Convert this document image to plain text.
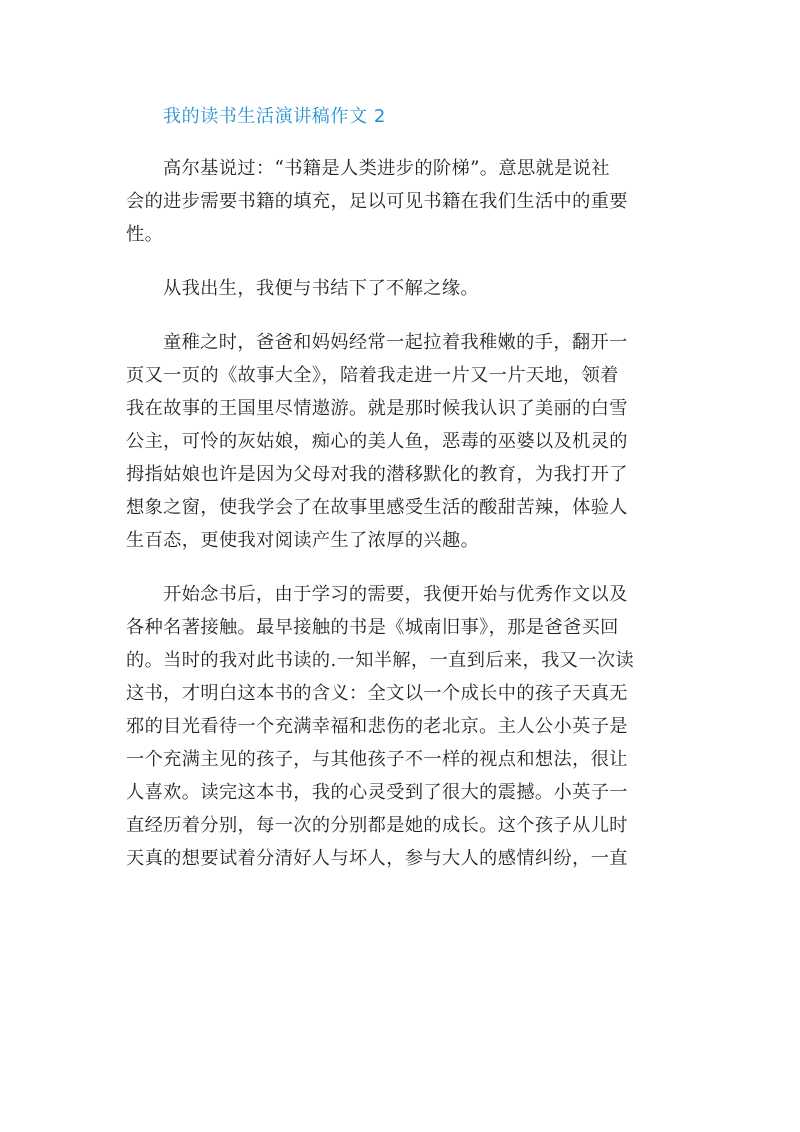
我的读书生活演讲稿作文 2
高尔基说过：“书籍是人类进步的阶梯”。意思就是说社
会的进步需要书籍的填充，足以可见书籍在我们生活中的重要
性。
从我出生，我便与书结下了不解之缘。
童稚之时，爸爸和妈妈经常一起拉着我稚嫩的手，翻开一
页又一页的《故事大全》，陪着我走进一片又一片天地，领着
我在故事的王国里尽情遨游。就是那时候我认识了美丽的白雪
公主，可怜的灰姑娘，痴心的美人鱼，恶毒的巫婆以及机灵的
拇指姑娘也许是因为父母对我的潜移默化的教育，为我打开了
想象之窗，使我学会了在故事里感受生活的酸甜苦辣，体验人
生百态，更使我对阅读产生了浓厚的兴趣。
开始念书后，由于学习的需要，我便开始与优秀作文以及
各种名著接触。最早接触的书是《城南旧事》，那是爸爸买回
的。当时的我对此书读的.一知半解，一直到后来，我又一次读
这书，才明白这本书的含义：全文以一个成长中的孩子天真无
邪的目光看待一个充满幸福和悲伤的老北京。主人公小英子是
一个充满主见的孩子，与其他孩子不一样的视点和想法，很让
人喜欢。读完这本书，我的心灵受到了很大的震撼。小英子一
直经历着分别，每一次的分别都是她的成长。这个孩子从儿时
天真的想要试着分清好人与坏人，参与大人的感情纠纷，一直
